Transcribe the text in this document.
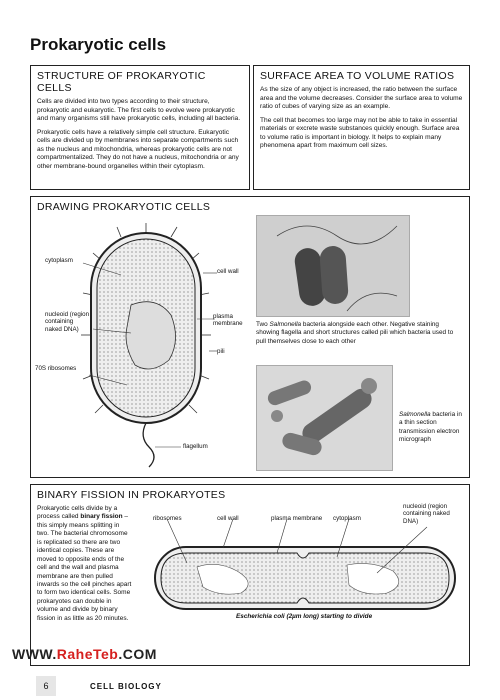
Prokaryotic cells
STRUCTURE OF PROKARYOTIC CELLS

Cells are divided into two types according to their structure, prokaryotic and eukaryotic. The first cells to evolve were prokaryotic and many organisms still have prokaryotic cells, including all bacteria.

Prokaryotic cells have a relatively simple cell structure. Eukaryotic cells are divided up by membranes into separate compartments such as the nucleus and mitochondria, whereas prokaryotic cells are not compartmentalized. They do not have a nucleus, mitochondria or any other membrane-bound organelles within their cytoplasm.

SURFACE AREA TO VOLUME RATIOS

As the size of any object is increased, the ratio between the surface area and the volume decreases. Consider the surface area to volume ratio of cubes of varying size as an example.

The cell that becomes too large may not be able to take in essential materials or excrete waste substances quickly enough. Surface area to volume ratio is important in biology. It helps to explain many phenomena apart from maximum cell sizes.

DRAWING PROKARYOTIC CELLS
cytoplasm
cell wall
nucleoid (region containing naked DNA)
plasma membrane
pili
70S ribosomes
flagellum
Two Salmonella bacteria alongside each other. Negative staining showing flagella and short structures called pili which bacteria used to pull themselves close to each other
Salmonella bacteria in a thin section transmission electron micrograph
BINARY FISSION IN PROKARYOTES
Prokaryotic cells divide by a process called binary fission – this simply means splitting in two. The bacterial chromosome is replicated so there are two identical copies. These are moved to opposite ends of the cell and the wall and plasma membrane are then pulled inwards so the cell pinches apart to form two identical cells. Some prokaryotes can double in volume and divide by binary fission in as little as 20 minutes.
ribosomes	cell wall	plasma membrane cytoplasm
nucleoid (region containing naked DNA)
Escherichia coli (2µm long) starting to divide
WWW.RaheTeb.COM
6	CELL BIOLOGY
